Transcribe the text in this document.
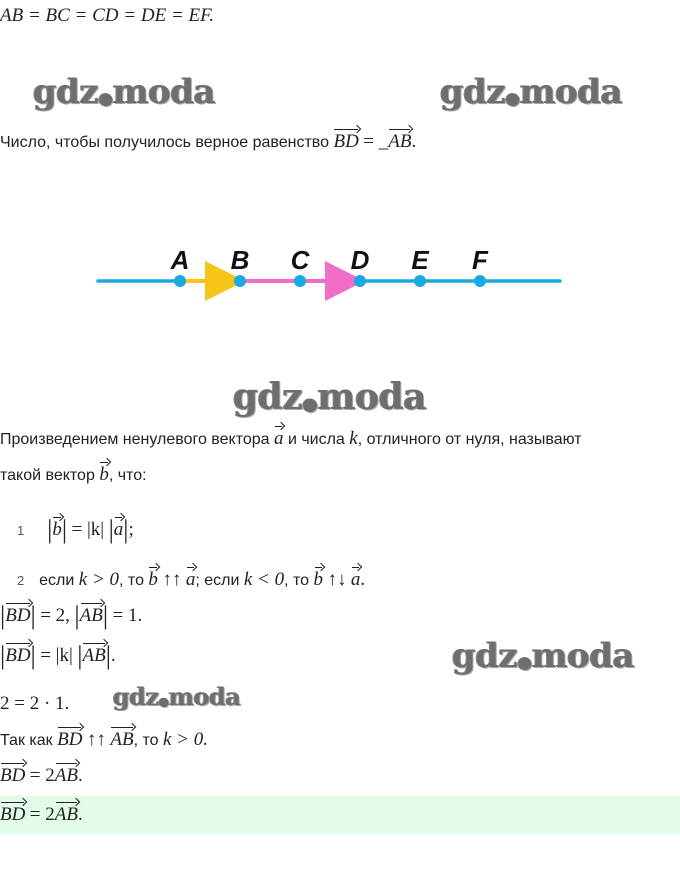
AB = BC = CD = DE = EF.
gdz●moda	gdz●moda
Число, чтобы получилось верное равенство BD = _AB.
A B C D E F
gdz●moda
Произведением ненулевого вектора a и числа k, отличного от нуля, называют
такой вектор b, что:
1 |b| = |k| |a|;
2 если k > 0, то b ↑↑ a; если k < 0, то b ↑↓ a.
|BD| = 2, |AB| = 1.
|BD| = |k| |AB|.	gdz●moda
2 = 2 · 1. gdz●moda
Так как BD ↑↑ AB, то k > 0.
BD = 2AB.
BD = 2AB.
